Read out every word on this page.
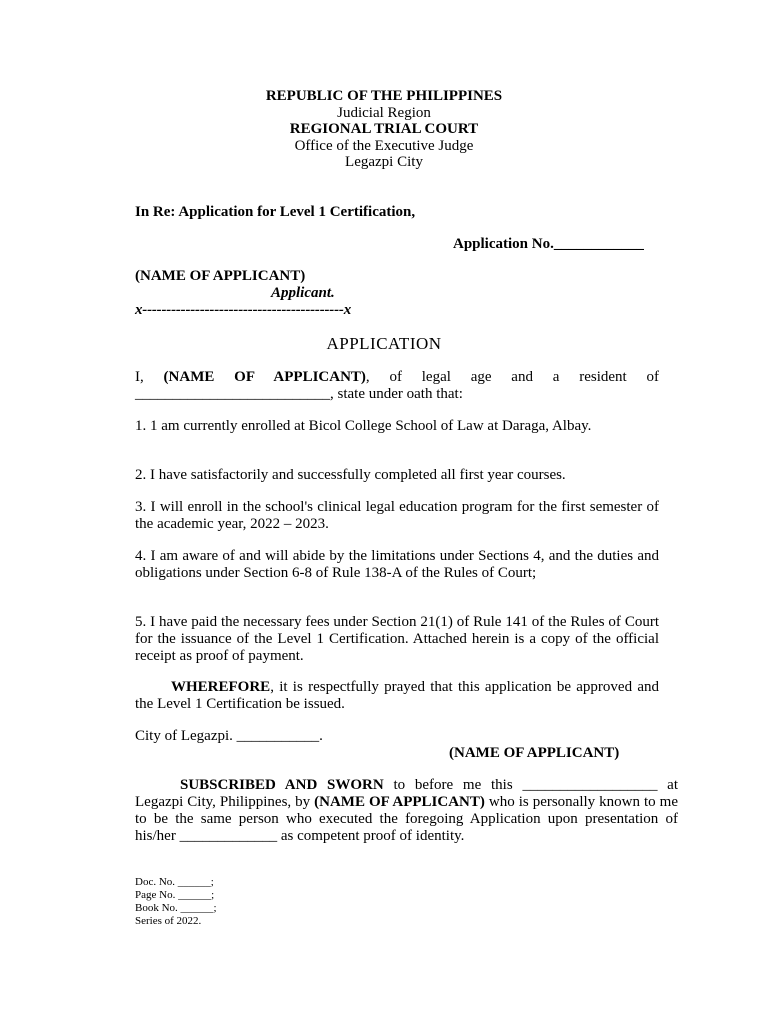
REPUBLIC OF THE PHILIPPINES
Judicial Region
REGIONAL TRIAL COURT
Office of the Executive Judge
Legazpi City
In Re: Application for Level 1 Certification,
Application No.____________
(NAME OF APPLICANT)
Applicant.
x------------------------------------------x
APPLICATION
I, (NAME OF APPLICANT), of legal age and a resident of
__________________________, state under oath that:
1. 1 am currently enrolled at Bicol College School of Law at Daraga, Albay.
2. I have satisfactorily and successfully completed all first year courses.
3. I will enroll in the school's clinical legal education program for the first semester of the academic year, 2022 – 2023.
4. I am aware of and will abide by the limitations under Sections 4, and the duties and obligations under Section 6-8 of Rule 138-A of the Rules of Court;
5. I have paid the necessary fees under Section 21(1) of Rule 141 of the Rules of Court for the issuance of the Level 1 Certification. Attached herein is a copy of the official receipt as proof of payment.
WHEREFORE, it is respectfully prayed that this application be approved and the Level 1 Certification be issued.
City of Legazpi. ___________.
(NAME OF APPLICANT)
SUBSCRIBED AND SWORN to before me this __________________ at Legazpi City, Philippines, by (NAME OF APPLICANT) who is personally known to me to be the same person who executed the foregoing Application upon presentation of his/her _____________ as competent proof of identity.
Doc. No. ______;
Page No. ______;
Book No. ______;
Series of 2022.
